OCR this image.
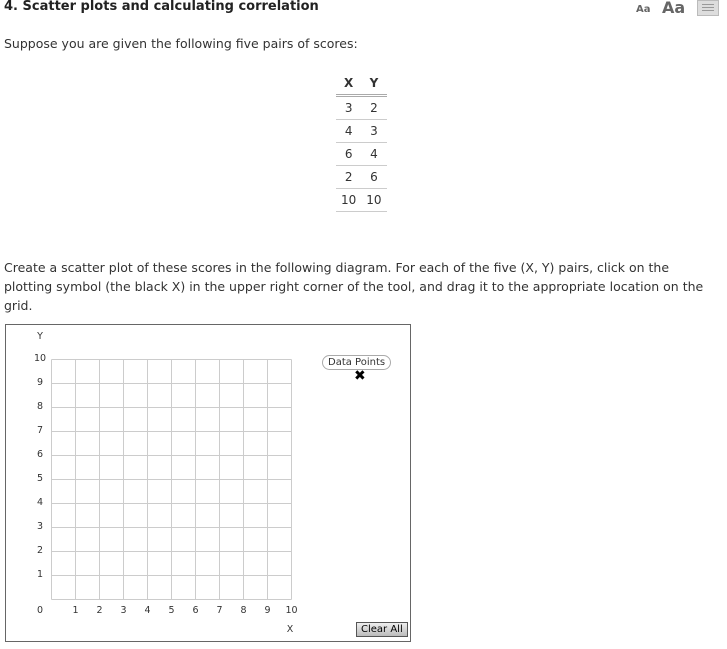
4. Scatter plots and calculating correlation	Aa Aa
Suppose you are given the following five pairs of scores:
X	Y
3	2
4	3
6	4
2	6
10	10
Create a scatter plot of these scores in the following diagram. For each of the five (X, Y) pairs, click on the plotting symbol (the black X) in the upper right corner of the tool, and drag it to the appropriate location on the grid.
0	1	2	3	4	5	6	7	8	9	10
1
2
3
4
5
6
7
8
9
10
Y
X
Data Points
✖
Clear All
